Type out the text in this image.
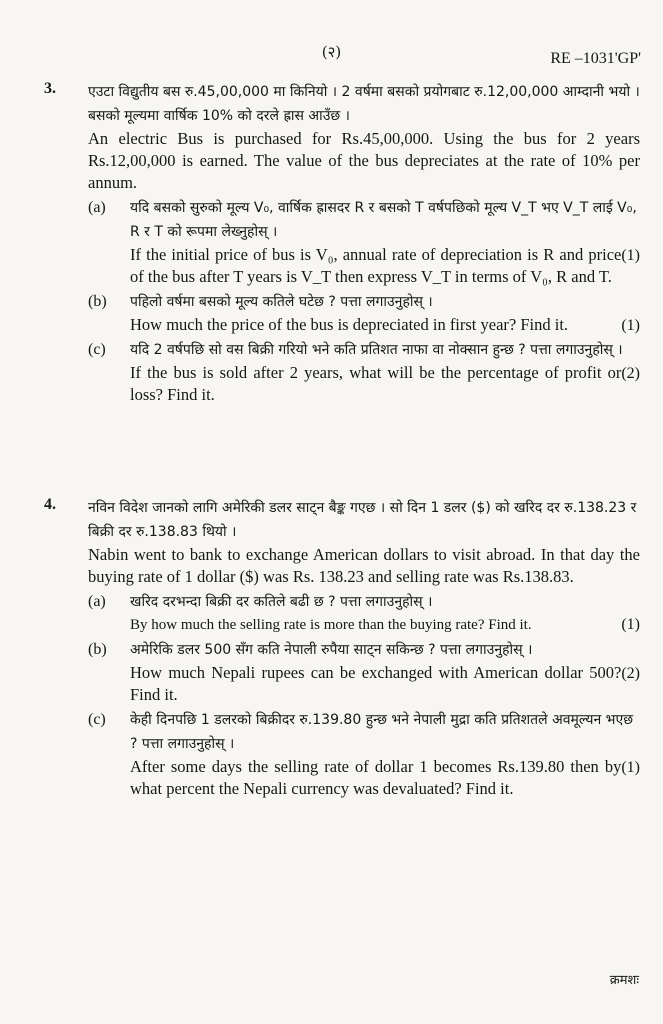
(२)	RE –1031'GP'
3. एउटा विद्युतीय बस रु.45,00,000 मा किनियो । 2 वर्षमा बसको प्रयोगबाट रु.12,00,000 आम्दानी भयो । बसको मूल्यमा वार्षिक 10% को दरले ह्रास आउँछ ।
An electric Bus is purchased for Rs.45,00,000. Using the bus for 2 years Rs.12,00,000 is earned. The value of the bus depreciates at the rate of 10% per annum.
(a) यदि बसको सुरुको मूल्य V₀, वार्षिक ह्रासदर R र बसको T वर्षपछिको मूल्य V_T भए V_T लाई V₀, R र T को रूपमा लेख्नुहोस् ।
If the initial price of bus is V₀, annual rate of depreciation is R and price of the bus after T years is V_T then express V_T in terms of V₀, R and T.
(1)
(b) पहिलो वर्षमा बसको मूल्य कतिले घटेछ ? पत्ता लगाउनुहोस् ।
How much the price of the bus is depreciated in first year? Find it.	(1)
(c) यदि 2 वर्षपछि सो वस बिक्री गरियो भने कति प्रतिशत नाफा वा नोक्सान हुन्छ ? पत्ता लगाउनुहोस् ।
If the bus is sold after 2 years, what will be the percentage of profit or loss? Find it.
(2)
4. नविन विदेश जानको लागि अमेरिकी डलर साट्न बैङ्क गएछ । सो दिन 1 डलर ($) को खरिद दर रु.138.23 र बिक्री दर रु.138.83 थियो ।
Nabin went to bank to exchange American dollars to visit abroad. In that day the buying rate of 1 dollar ($) was Rs. 138.23 and selling rate was Rs.138.83.
(a) खरिद दरभन्दा बिक्री दर कतिले बढी छ ? पत्ता लगाउनुहोस् ।
By how much the selling rate is more than the buying rate? Find it.	(1)
(b) अमेरिकि डलर 500 सँग कति नेपाली रुपैया साट्न सकिन्छ ? पत्ता लगाउनुहोस् ।
How much Nepali rupees can be exchanged with American dollar 500? Find it.
(2)
(c) केही दिनपछि 1 डलरको बिक्रीदर रु.139.80 हुन्छ भने नेपाली मुद्रा कति प्रतिशतले अवमूल्यन भएछ ? पत्ता लगाउनुहोस् ।
After some days the selling rate of dollar 1 becomes Rs.139.80 then by what percent the Nepali currency was devaluated? Find it.
(1)
क्रमशः
